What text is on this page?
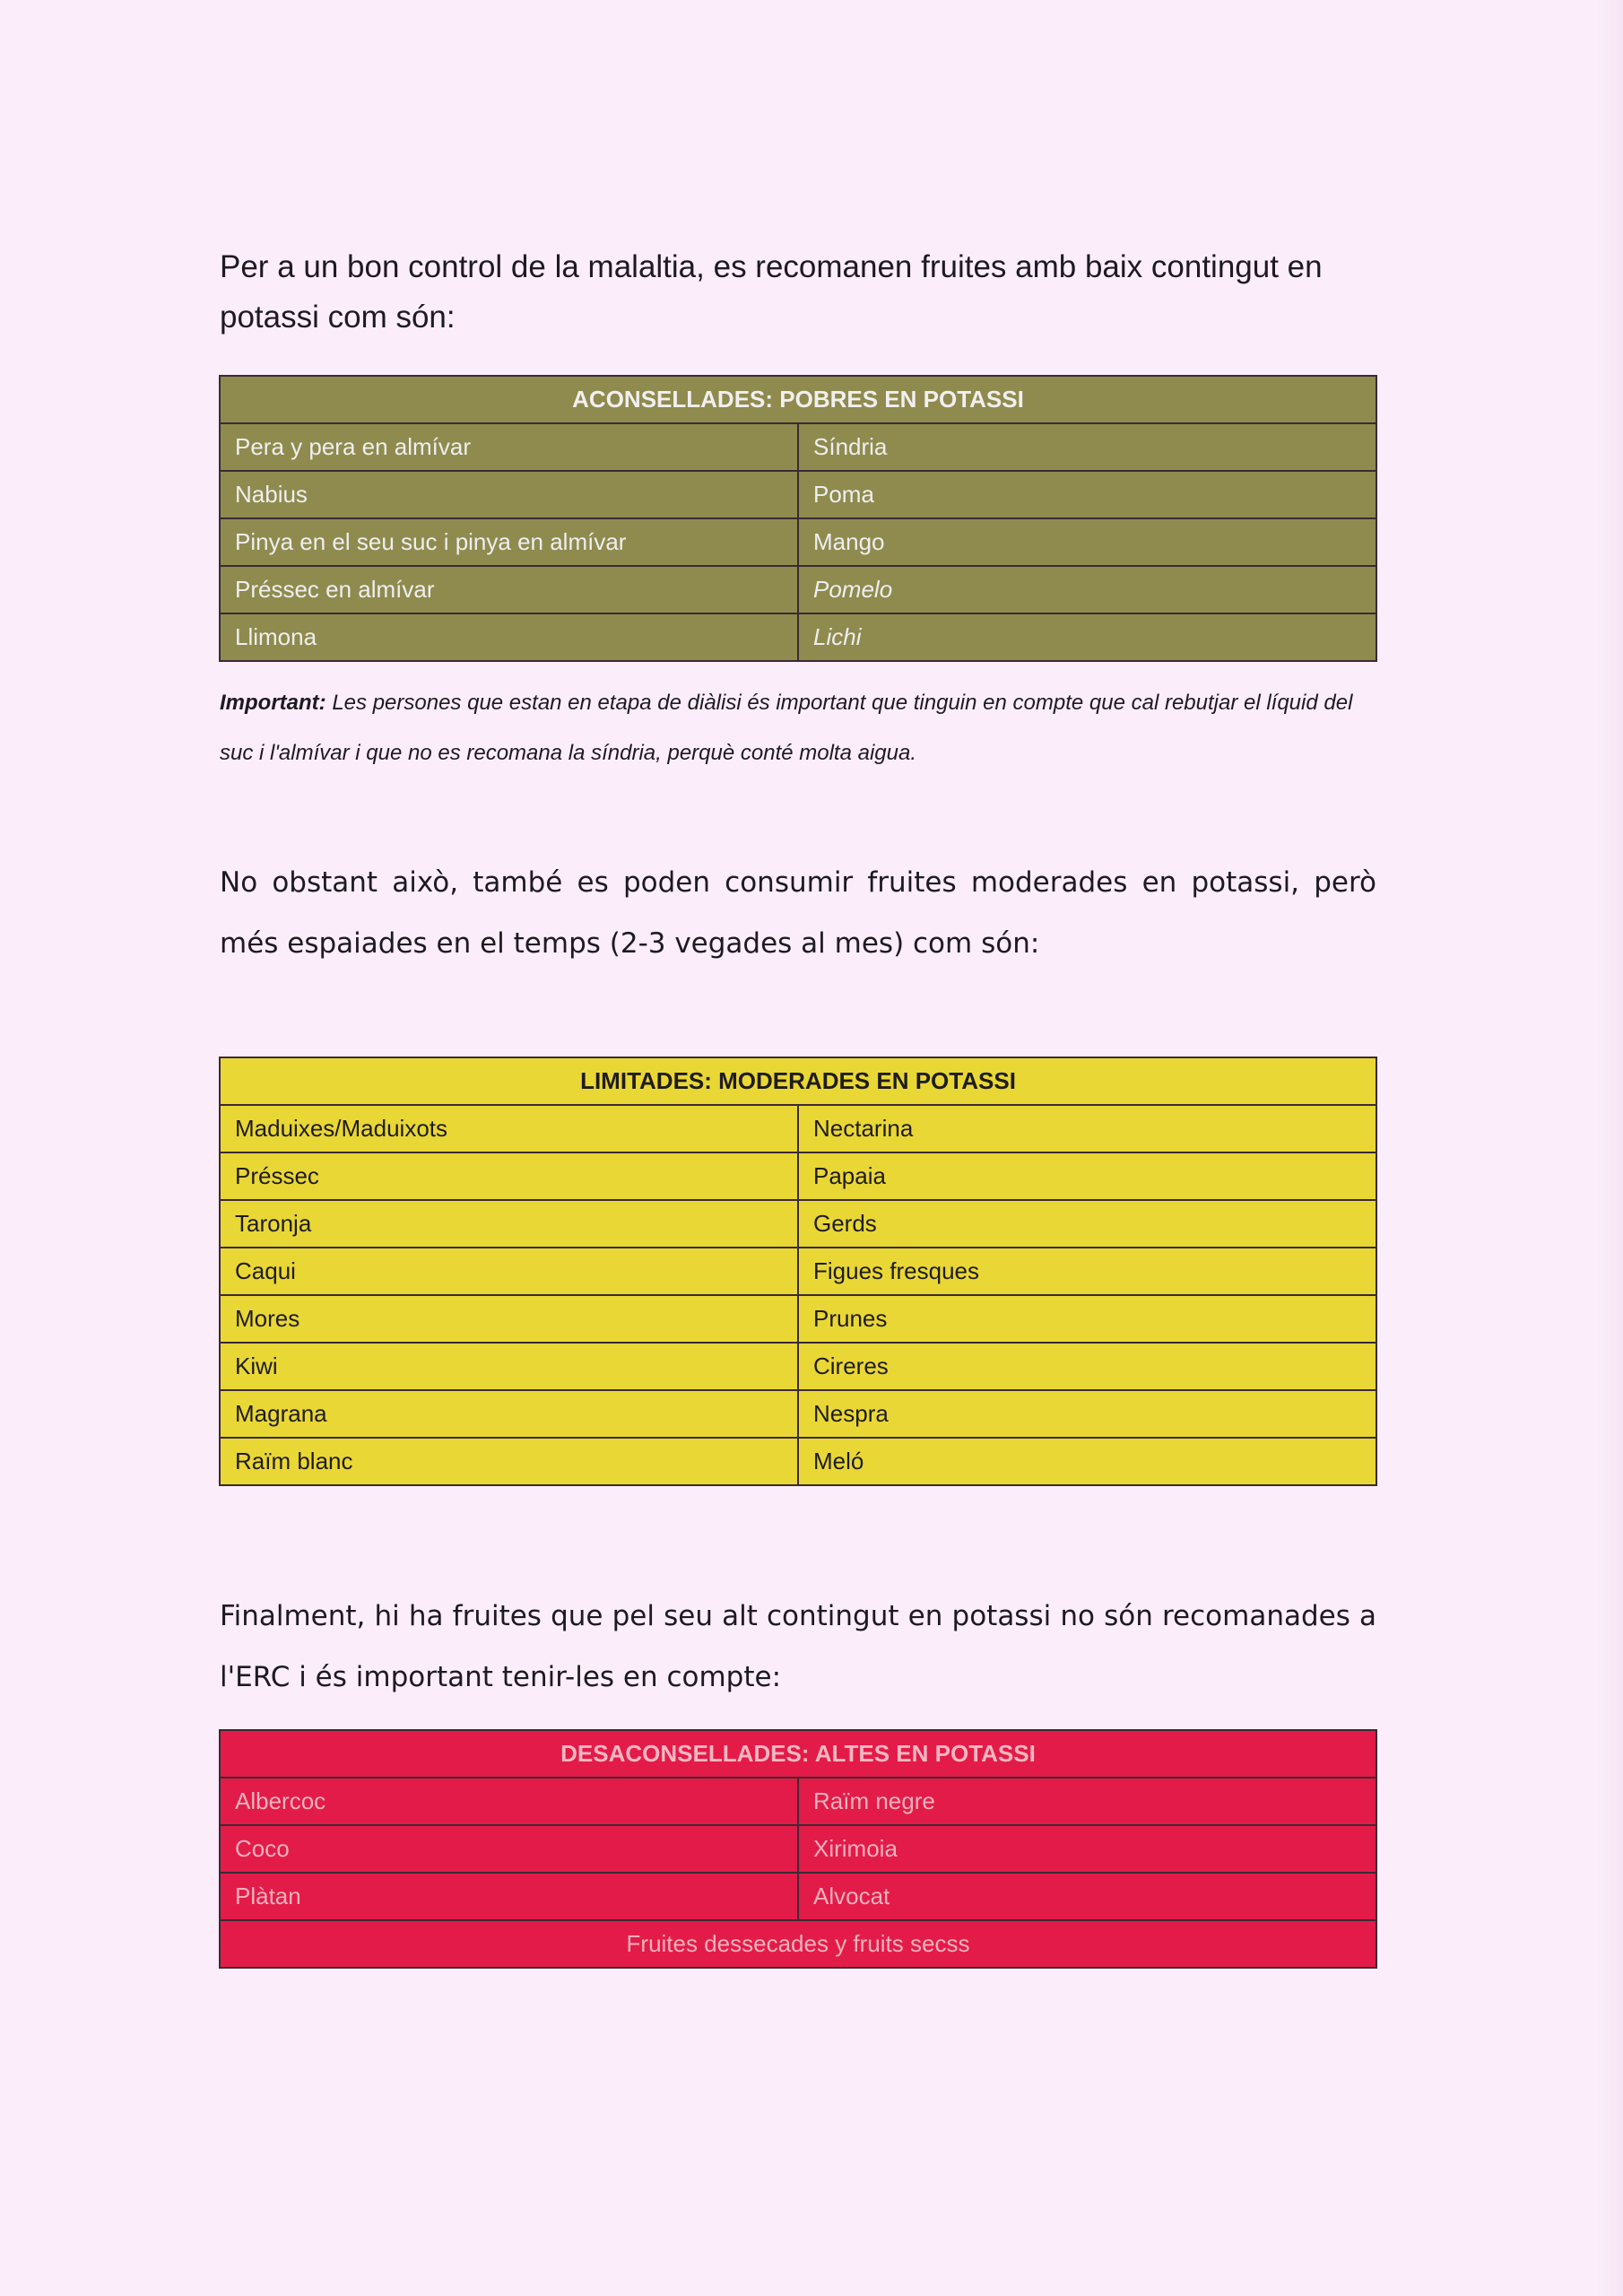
Per a un bon control de la malaltia, es recomanen fruites amb baix contingut en potassi com són:

ACONSELLADES: POBRES EN POTASSI	
Pera y pera en almívar	Síndria
Nabius	Poma
Pinya en el seu suc i pinya en almívar	Mango
Préssec en almívar	Pomelo
Llimona	Lichi

Important: Les persones que estan en etapa de diàlisi és important que tinguin en compte que cal rebutjar el líquid del suc i l'almívar i que no es recomana la síndria, perquè conté molta aigua.

No obstant això, també es poden consumir fruites moderades en potassi, però més espaiades en el temps (2-3 vegades al mes) com són:

LIMITADES: MODERADES EN POTASSI	
Maduixes/Maduixots	Nectarina
Préssec	Papaia
Taronja	Gerds
Caqui	Figues fresques
Mores	Prunes
Kiwi	Cireres
Magrana	Nespra
Raïm blanc	Meló

Finalment, hi ha fruites que pel seu alt contingut en potassi no són recomanades a l'ERC i és important tenir-les en compte:

DESACONSELLADES: ALTES EN POTASSI	
Albercoc	Raïm negre
Coco	Xirimoia
Plàtan	Alvocat
Fruites dessecades y fruits secss	
